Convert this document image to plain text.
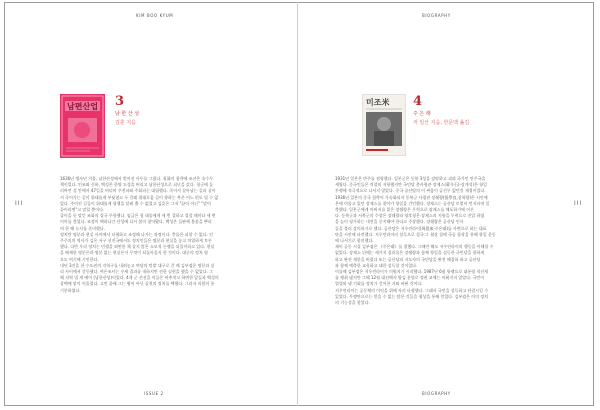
KIM BOO KYUM
III
ISSUE 2
남편산업 3
남 한 산 성
김훈 지음

1636년 병자년 겨울, 남한산성에서 벌어진 사투를 그렸다. 청淸의 침략에 조선은 속수무

책이었다. 인조와 신하, 백성은 한양 도성을 버리고 남한산성으로 피난을 갔다. 청군에 둘

러싸인 성 안에서 47일을 버티며 주전파와 주화파는 대립했다. 죽어서 살아남는 길과 살아

서 죽어가는 길이 위태롭게 부딪혔고 두 갈래 위태로움 길이 향하는 쪽은 어느 편도 될 수 없

었다. 주어진 길들이 위태롭게 평행을 달려 출 수 없었고 김훈은 그저 "끝이 아닌" "말이

끝이라면"고 말할 뿐이다.

줄이을 듯 말뜻 조화의 결국 투항했다. 임금은 청 태종에게 세 번 절하고 절할 때마다 세 번

이마를 찧었다. 조정이 택하나간 산성에 다시 봄이 찾아왔다. 백성은 들판에 봄꽃을 뿌리

며 한 해 농사를 준비했다.

정치란 명분과 현실 사이에서 타협하고 조정해 나가는 과정이다. 충돌은 피할 수 없다. 인

주주의의 역사가 김은 서구 선진국에서도 정치인들은 명분과 현실을 놓고 치열하게 토론

했다. 다만 우리 정치는 민생을 외면한 채 살지 않은 소모적 논쟁을 되풀이하고 있다. 현실

을 배제한 명분론과 명분 없는 현실론이 무엇이 되돌아올지 한 것이다. 대중의 정치 혐

오도 여기에 기인한다.

내년 3건을 한 수도권의 지역구를 내려놓고 여당의 텃밭 대구로 갈 때 김부겸은 명분과 실

리 사이에서 갈등했다. 여론조사는 우세 결과를 내하지만 선한 실현을 했을 수 없었다. 그

해 지역 낼 게 에이 (남한산성)이었다. 4개 군 선선을 이들은 비추적고 하면한 앞들과 백성의

살택에 맡이 어울렸다. 고민 끝에 그는 왕이 아닌 실천의 정치를 택했다. 그러자 의원의 통

기분하였다.

BIOGRAPHY
III
BIOGRAPHY
미조米 4
주 은 래
저 일산 지음, 한문맥 옮김

1931년 일본은 만주를 점령했다. 일본군은 동북 3성을 장악하고 괴뢰 국가인 만주국을

세웠다. 중국인들은 격렬히 저항했지만 국민당 총사령관 장제스(蔣介石)-장개석)은 항일

투쟁에 적극적으로 나서지 않았다. 중국 공산당의 이 싸움이 급선무 없던것 재경이었다.

1936년 일본의 중국 침략이 가속화되자 동북군 사령관 장쉐량(張學良,장학량)은 시안에

온에 머물고 있던 장제스를 찾아가 항일을 간언했다. 장제스는 공산당 토벌이 먼저라며 일

축했다. 일본군에게 아버지를 잃은 장쉐량은 무력으로 장제스를 체포하기에 이른

다. 동북군과 서북군의 수장은 장쉐량과 양후청은 장제스의 저항을 무력으로 진압 하였

을 높이 평가하는 내전을 중지해야 한다고 주장했다. 장쉐량은 공산당 인사

들을 불러 상의하기로 했다. 공산당은 저우언라이(周恩來·주은래)를 사변으로 하는 대표

단을 시안에 파견했다. 저우언라이의 설득으로 결국 그 협상 결에 국공 합작을 통해 항일 운동

에 나서기로 합의했다.

제이 공동 시절 김부겸은 《주은래》를 접했다. 그때만 해도 저우언라이의 행동을 이해할 수

없었다. 장제스 뒤에는 세가지 결과물은 장쉐량과 함께 항일을 설득한 국민당을 합하게

하고 완전 재한을 버렸다 또는 공산당과 지도자의 국민당을 완전 해결하 하고 공산당

과 함께 예측한 교육하고 대한 설득할 것이었다.

이를해 김부겸은 저우언라이가 미워지기 시작했다. 1987년 6월 항쟁으로 대통령 직선제

를 쟁취 냈지만 그해 12월 대선에서 양김 분열로 정권 교체는 이뤄지지 않았다. 국민이

열렬히 냉 기회를 정치가 걷어찬 거와 바뀐 것이다.

저우언라이는 공동체의 이익을 위해 자의 타협했다. 그래서 국민을 설득하고 단결시킬 수

있었다. 투쟁만으로는 얻을 수 없는 많은 것들을 협상을 통해 얻었다. 김부겸은 이의 정치

의 기능성을 찾았다.
